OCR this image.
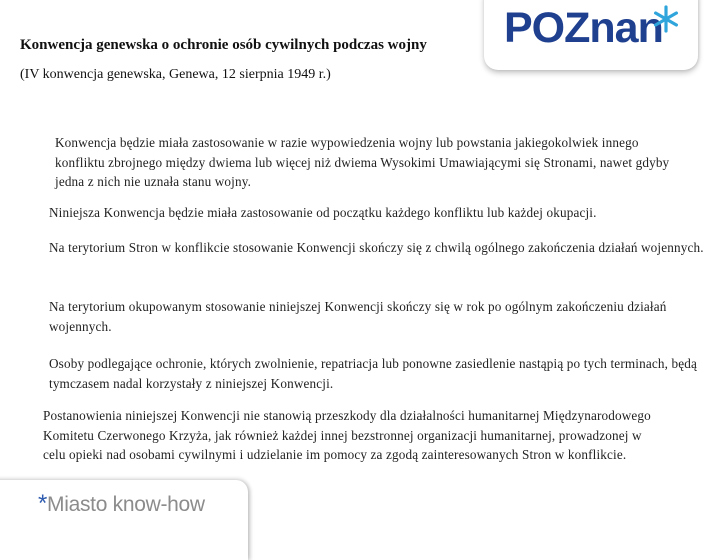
POZnan

Konwencja genewska o ochronie osób cywilnych podczas wojny

(IV konwencja genewska, Genewa, 12 sierpnia 1949 r.)

Konwencja będzie miała zastosowanie w razie wypowiedzenia wojny lub powstania jakiegokolwiek innego konfliktu zbrojnego między dwiema lub więcej niż dwiema Wysokimi Umawiającymi się Stronami, nawet gdyby jedna z nich nie uznała stanu wojny.

Niniejsza Konwencja będzie miała zastosowanie od początku każdego konfliktu lub każdej okupacji.

Na terytorium Stron w konflikcie stosowanie Konwencji skończy się z chwilą ogólnego zakończenia działań wojennych.

Na terytorium okupowanym stosowanie niniejszej Konwencji skończy się w rok po ogólnym zakończeniu działań wojennych.

Osoby podlegające ochronie, których zwolnienie, repatriacja lub ponowne zasiedlenie nastąpią po tych terminach, będą tymczasem nadal korzystały z niniejszej Konwencji.

Postanowienia niniejszej Konwencji nie stanowią przeszkody dla działalności humanitarnej Międzynarodowego Komitetu Czerwonego Krzyża, jak również każdej innej bezstronnej organizacji humanitarnej, prowadzonej w celu opieki nad osobami cywilnymi i udzielanie im pomocy za zgodą zainteresowanych Stron w konflikcie.

*Miasto know-how
